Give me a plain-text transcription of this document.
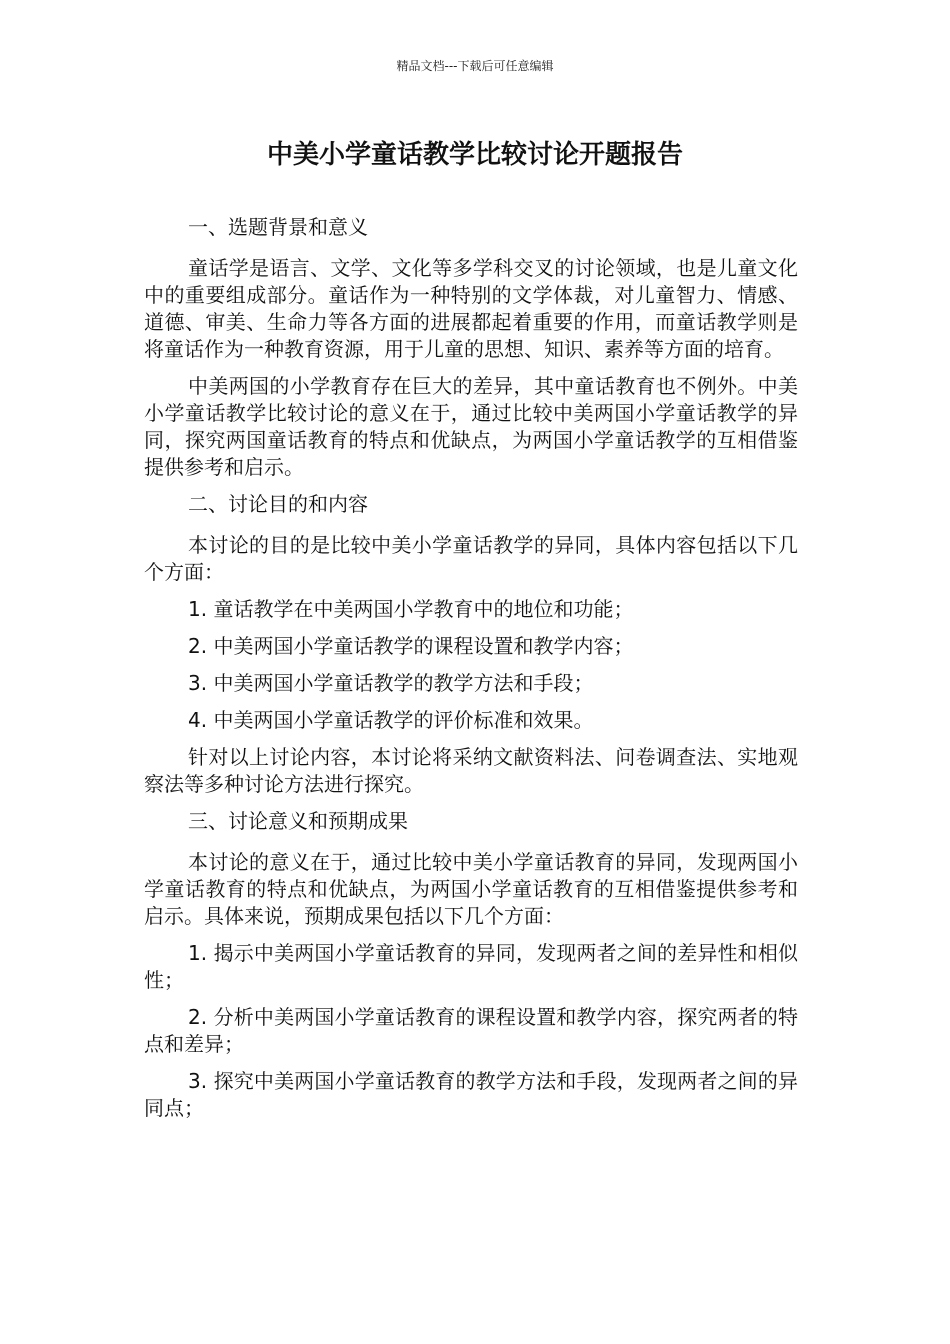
精品文档---下载后可任意编辑
中美小学童话教学比较讨论开题报告

一、选题背景和意义

童话学是语言、文学、文化等多学科交叉的讨论领域，也是儿童文化中的重要组成部分。童话作为一种特别的文学体裁，对儿童智力、情感、道德、审美、生命力等各方面的进展都起着重要的作用，而童话教学则是将童话作为一种教育资源，用于儿童的思想、知识、素养等方面的培育。

中美两国的小学教育存在巨大的差异，其中童话教育也不例外。中美小学童话教学比较讨论的意义在于，通过比较中美两国小学童话教学的异同，探究两国童话教育的特点和优缺点，为两国小学童话教学的互相借鉴提供参考和启示。

二、讨论目的和内容

本讨论的目的是比较中美小学童话教学的异同，具体内容包括以下几个方面：

1. 童话教学在中美两国小学教育中的地位和功能；

2. 中美两国小学童话教学的课程设置和教学内容；

3. 中美两国小学童话教学的教学方法和手段；

4. 中美两国小学童话教学的评价标准和效果。

针对以上讨论内容，本讨论将采纳文献资料法、问卷调查法、实地观察法等多种讨论方法进行探究。

三、讨论意义和预期成果

本讨论的意义在于，通过比较中美小学童话教育的异同，发现两国小学童话教育的特点和优缺点，为两国小学童话教育的互相借鉴提供参考和启示。具体来说，预期成果包括以下几个方面：

1. 揭示中美两国小学童话教育的异同，发现两者之间的差异性和相似性；

2. 分析中美两国小学童话教育的课程设置和教学内容，探究两者的特点和差异；

3. 探究中美两国小学童话教育的教学方法和手段，发现两者之间的异同点；
